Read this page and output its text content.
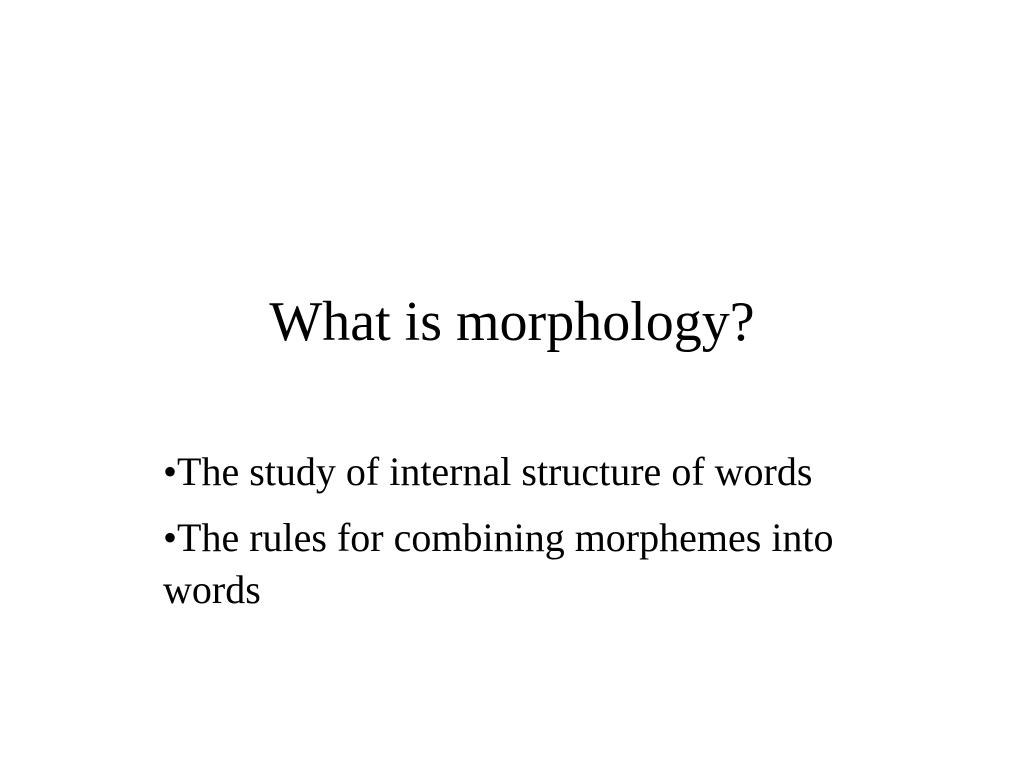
What is morphology?
•The study of internal structure of words
•The rules for combining morphemes into words
